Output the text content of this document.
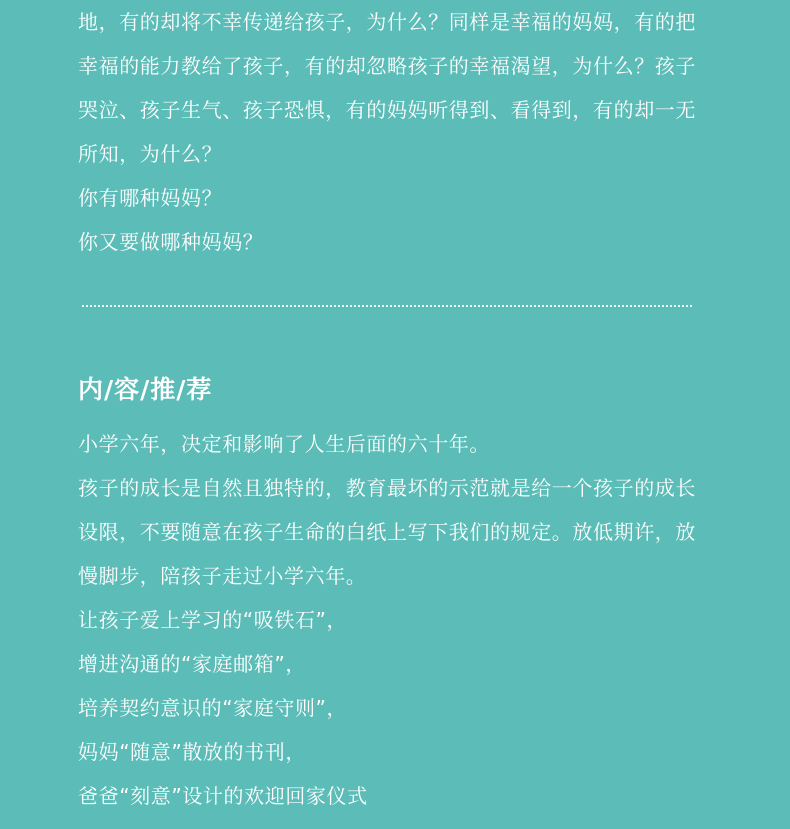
地，有的却将不幸传递给孩子，为什么？同样是幸福的妈妈，有的把
幸福的能力教给了孩子，有的却忽略孩子的幸福渴望，为什么？孩子
哭泣、孩子生气、孩子恐惧，有的妈妈听得到、看得到，有的却一无
所知，为什么？
你有哪种妈妈？
你又要做哪种妈妈？
内/容/推/荐
小学六年，决定和影响了人生后面的六十年。
孩子的成长是自然且独特的，教育最坏的示范就是给一个孩子的成长
设限，不要随意在孩子生命的白纸上写下我们的规定。放低期许，放
慢脚步，陪孩子走过小学六年。
让孩子爱上学习的“吸铁石”，
增进沟通的“家庭邮箱”，
培养契约意识的“家庭守则”，
妈妈“随意”散放的书刊，
爸爸“刻意”设计的欢迎回家仪式
